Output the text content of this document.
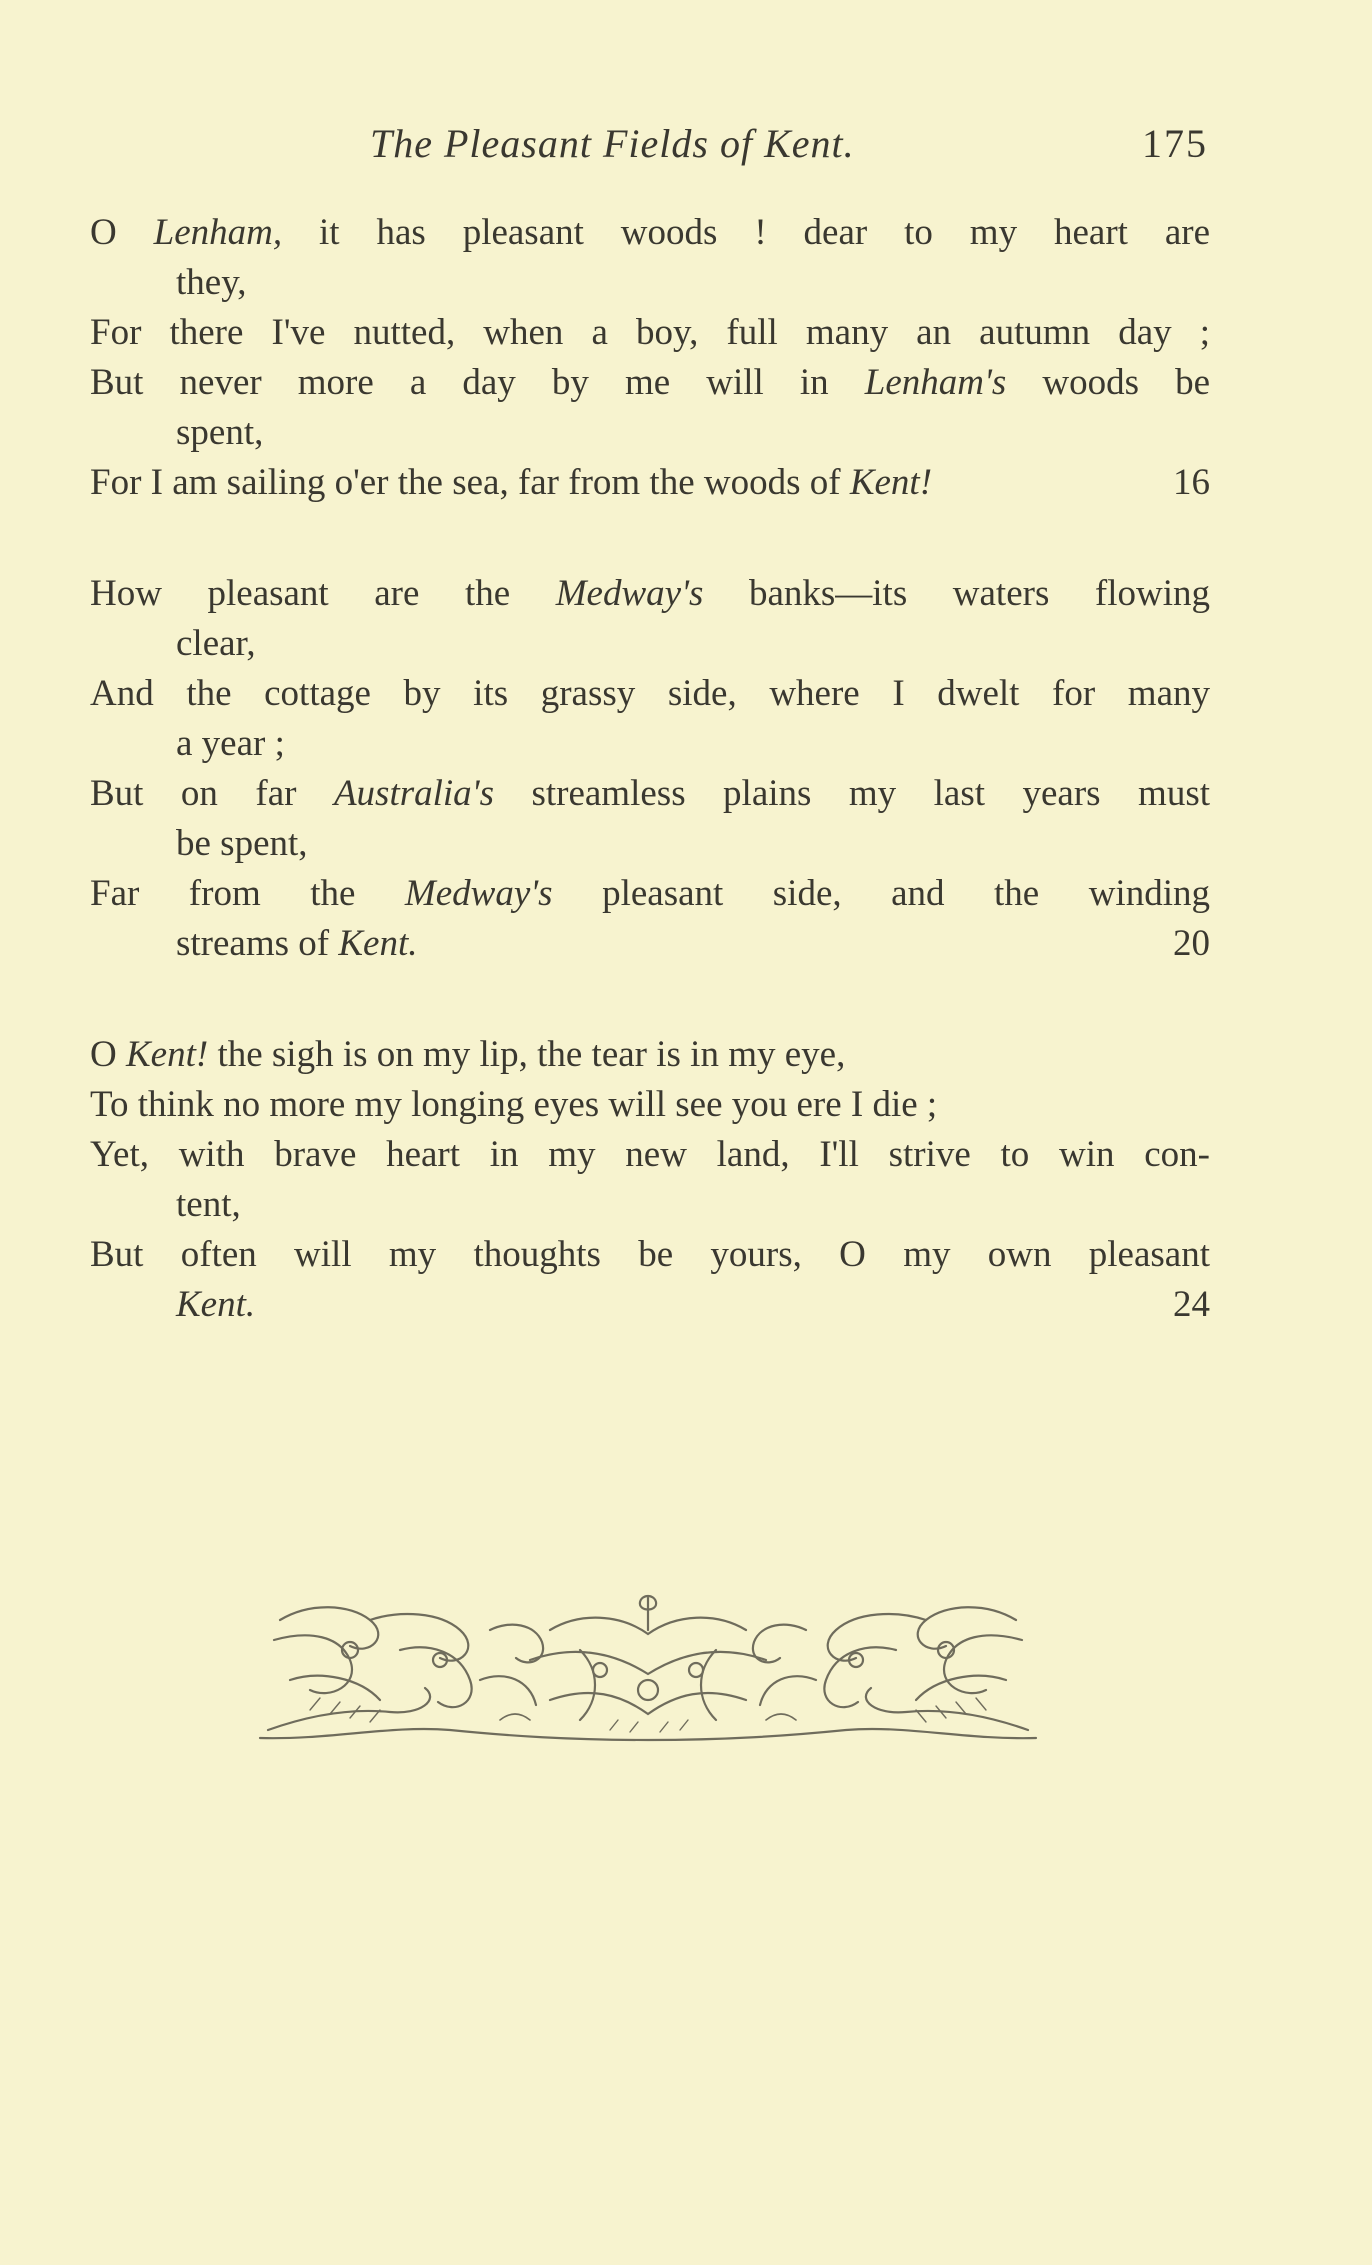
The Pleasant Fields of Kent.	175
O Lenham, it has pleasant woods ! dear to my heart are
they,
For there I've nutted, when a boy, full many an autumn day ;
But never more a day by me will in Lenham's woods be
spent,
For I am sailing o'er the sea, far from the woods of Kent!	16
How pleasant are the Medway's banks—its waters flowing
clear,
And the cottage by its grassy side, where I dwelt for many
a year ;
But on far Australia's streamless plains my last years must
be spent,
Far from the Medway's pleasant side, and the winding
streams of Kent.	20
O Kent! the sigh is on my lip, the tear is in my eye,
To think no more my longing eyes will see you ere I die ;
Yet, with brave heart in my new land, I'll strive to win con-
tent,
But often will my thoughts be yours, O my own pleasant
Kent.	24
